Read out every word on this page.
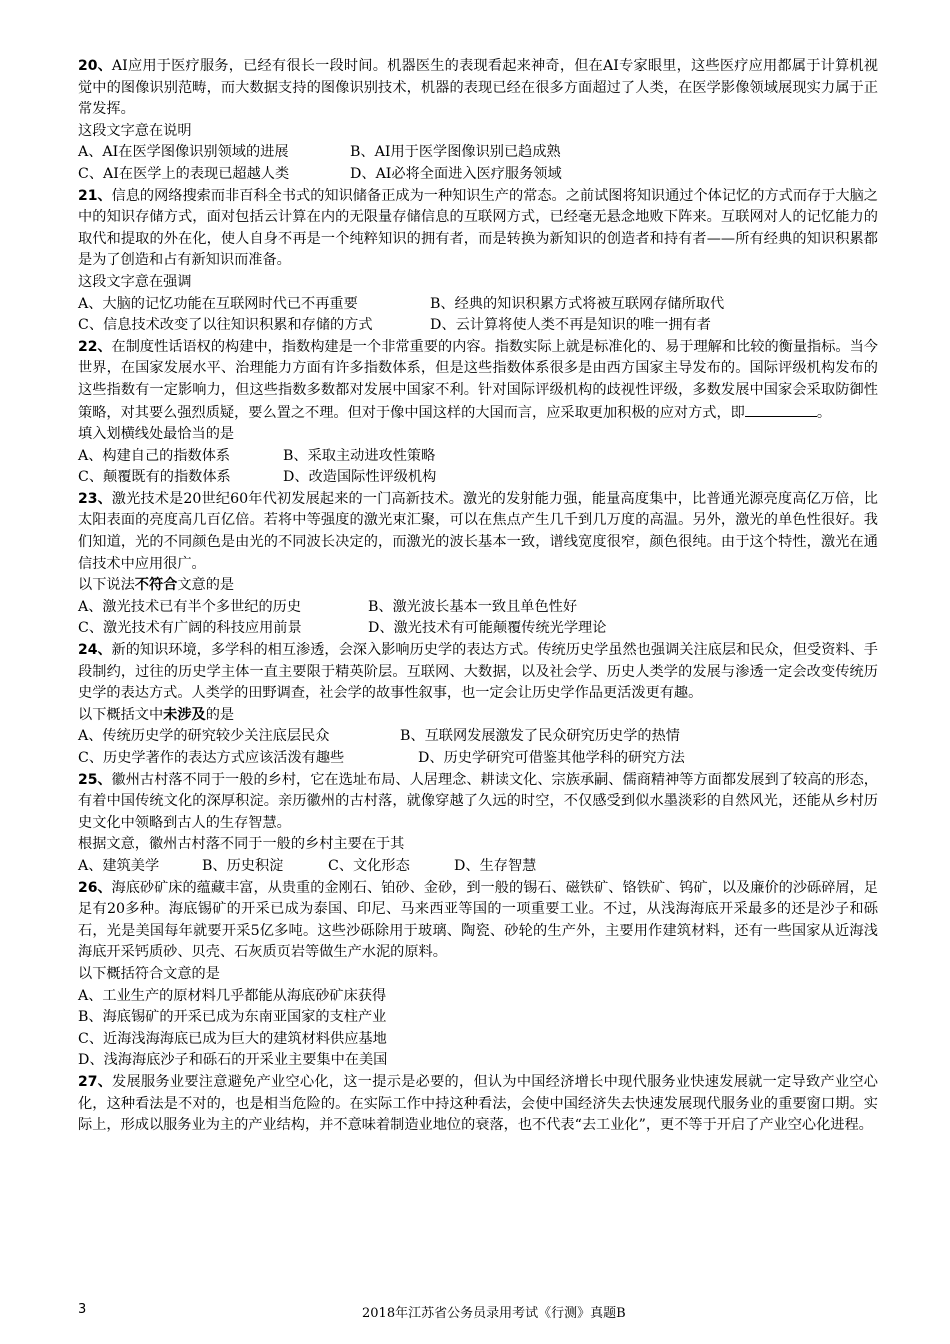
20、AI应用于医疗服务，已经有很长一段时间。机器医生的表现看起来神奇，但在AI专家眼里，这些医疗应用都属于计算机视觉中的图像识别范畴，而大数据支持的图像识别技术，机器的表现已经在很多方面超过了人类，在医学影像领域展现实力属于正常发挥。

这段文字意在说明

A、AI在医学图像识别领域的进展	B、AI用于医学图像识别已趋成熟
C、AI在医学上的表现已超越人类	D、AI必将全面进入医疗服务领域

21、信息的网络搜索而非百科全书式的知识储备正成为一种知识生产的常态。之前试图将知识通过个体记忆的方式而存于大脑之中的知识存储方式，面对包括云计算在内的无限量存储信息的互联网方式，已经毫无悬念地败下阵来。互联网对人的记忆能力的取代和提取的外在化，使人自身不再是一个纯粹知识的拥有者，而是转换为新知识的创造者和持有者——所有经典的知识积累都是为了创造和占有新知识而准备。

这段文字意在强调

A、大脑的记忆功能在互联网时代已不再重要	B、经典的知识积累方式将被互联网存储所取代
C、信息技术改变了以往知识积累和存储的方式	D、云计算将使人类不再是知识的唯一拥有者

22、在制度性话语权的构建中，指数构建是一个非常重要的内容。指数实际上就是标准化的、易于理解和比较的衡量指标。当今世界，在国家发展水平、治理能力方面有许多指数体系，但是这些指数体系很多是由西方国家主导发布的。国际评级机构发布的这些指数有一定影响力，但这些指数多数都对发展中国家不利。针对国际评级机构的歧视性评级，多数发展中国家会采取防御性策略，对其要么强烈质疑，要么置之不理。但对于像中国这样的大国而言，应采取更加积极的应对方式，即	。

填入划横线处最恰当的是

A、构建自己的指数体系	B、采取主动进攻性策略
C、颠覆既有的指数体系	D、改造国际性评级机构

23、激光技术是20世纪60年代初发展起来的一门高新技术。激光的发射能力强，能量高度集中，比普通光源亮度高亿万倍，比太阳表面的亮度高几百亿倍。若将中等强度的激光束汇聚，可以在焦点产生几千到几万度的高温。另外，激光的单色性很好。我们知道，光的不同颜色是由光的不同波长决定的，而激光的波长基本一致，谱线宽度很窄，颜色很纯。由于这个特性，激光在通信技术中应用很广。

以下说法不符合文意的是

A、激光技术已有半个多世纪的历史	B、激光波长基本一致且单色性好
C、激光技术有广阔的科技应用前景	D、激光技术有可能颠覆传统光学理论

24、新的知识环境，多学科的相互渗透，会深入影响历史学的表达方式。传统历史学虽然也强调关注底层和民众，但受资料、手段制约，过往的历史学主体一直主要限于精英阶层。互联网、大数据，以及社会学、历史人类学的发展与渗透一定会改变传统历史学的表达方式。人类学的田野调查，社会学的故事性叙事，也一定会让历史学作品更活泼更有趣。

以下概括文中未涉及的是

A、传统历史学的研究较少关注底层民众	B、互联网发展激发了民众研究历史学的热情
C、历史学著作的表达方式应该活泼有趣些	D、历史学研究可借鉴其他学科的研究方法

25、徽州古村落不同于一般的乡村，它在选址布局、人居理念、耕读文化、宗族承嗣、儒商精神等方面都发展到了较高的形态，有着中国传统文化的深厚积淀。亲历徽州的古村落，就像穿越了久远的时空，不仅感受到似水墨淡彩的自然风光，还能从乡村历史文化中领略到古人的生存智慧。

根据文意，徽州古村落不同于一般的乡村主要在于其

A、建筑美学	B、历史积淀	C、文化形态	D、生存智慧

26、海底砂矿床的蕴藏丰富，从贵重的金刚石、铂砂、金砂，到一般的锡石、磁铁矿、铬铁矿、钨矿，以及廉价的沙砾碎屑，足足有20多种。海底锡矿的开采已成为泰国、印尼、马来西亚等国的一项重要工业。不过，从浅海海底开采最多的还是沙子和砾石，光是美国每年就要开采5亿多吨。这些沙砾除用于玻璃、陶瓷、砂轮的生产外，主要用作建筑材料，还有一些国家从近海浅海底开采钙质砂、贝壳、石灰质页岩等做生产水泥的原料。

以下概括符合文意的是

A、工业生产的原材料几乎都能从海底砂矿床获得
B、海底锡矿的开采已成为东南亚国家的支柱产业
C、近海浅海海底已成为巨大的建筑材料供应基地
D、浅海海底沙子和砾石的开采业主要集中在美国

27、发展服务业要注意避免产业空心化，这一提示是必要的，但认为中国经济增长中现代服务业快速发展就一定导致产业空心化，这种看法是不对的，也是相当危险的。在实际工作中持这种看法，会使中国经济失去快速发展现代服务业的重要窗口期。实际上，形成以服务业为主的产业结构，并不意味着制造业地位的衰落，也不代表“去工业化”，更不等于开启了产业空心化进程。

3	2018年江苏省公务员录用考试《行测》真题B
